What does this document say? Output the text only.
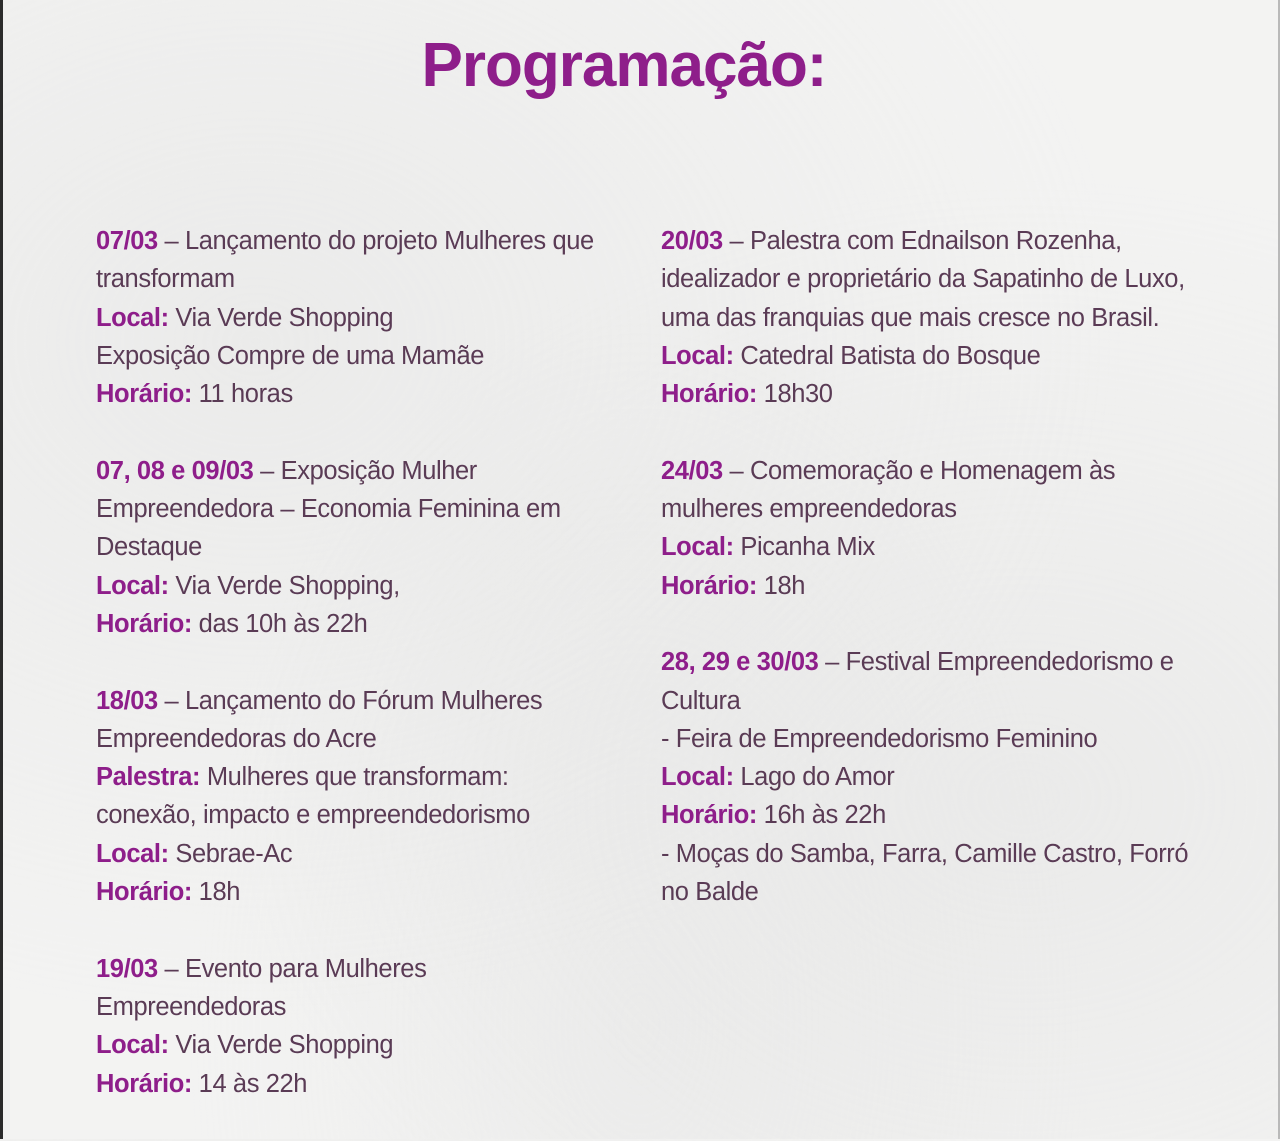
Programação:
07/03 – Lançamento do projeto Mulheres que
transformam
Local: Via Verde Shopping
Exposição Compre de uma Mamãe
Horário: 11 horas
07, 08 e 09/03 – Exposição Mulher
Empreendedora – Economia Feminina em
Destaque
Local: Via Verde Shopping,
Horário: das 10h às 22h
18/03 – Lançamento do Fórum Mulheres
Empreendedoras do Acre
Palestra: Mulheres que transformam:
conexão, impacto e empreendedorismo
Local: Sebrae-Ac
Horário: 18h
19/03 – Evento para Mulheres
Empreendedoras
Local: Via Verde Shopping
Horário: 14 às 22h
20/03 – Palestra com Ednailson Rozenha,
idealizador e proprietário da Sapatinho de Luxo,
uma das franquias que mais cresce no Brasil.
Local: Catedral Batista do Bosque
Horário: 18h30
24/03 – Comemoração e Homenagem às
mulheres empreendedoras
Local: Picanha Mix
Horário: 18h
28, 29 e 30/03 – Festival Empreendedorismo e
Cultura
- Feira de Empreendedorismo Feminino
Local: Lago do Amor
Horário: 16h às 22h
- Moças do Samba, Farra, Camille Castro, Forró
no Balde
